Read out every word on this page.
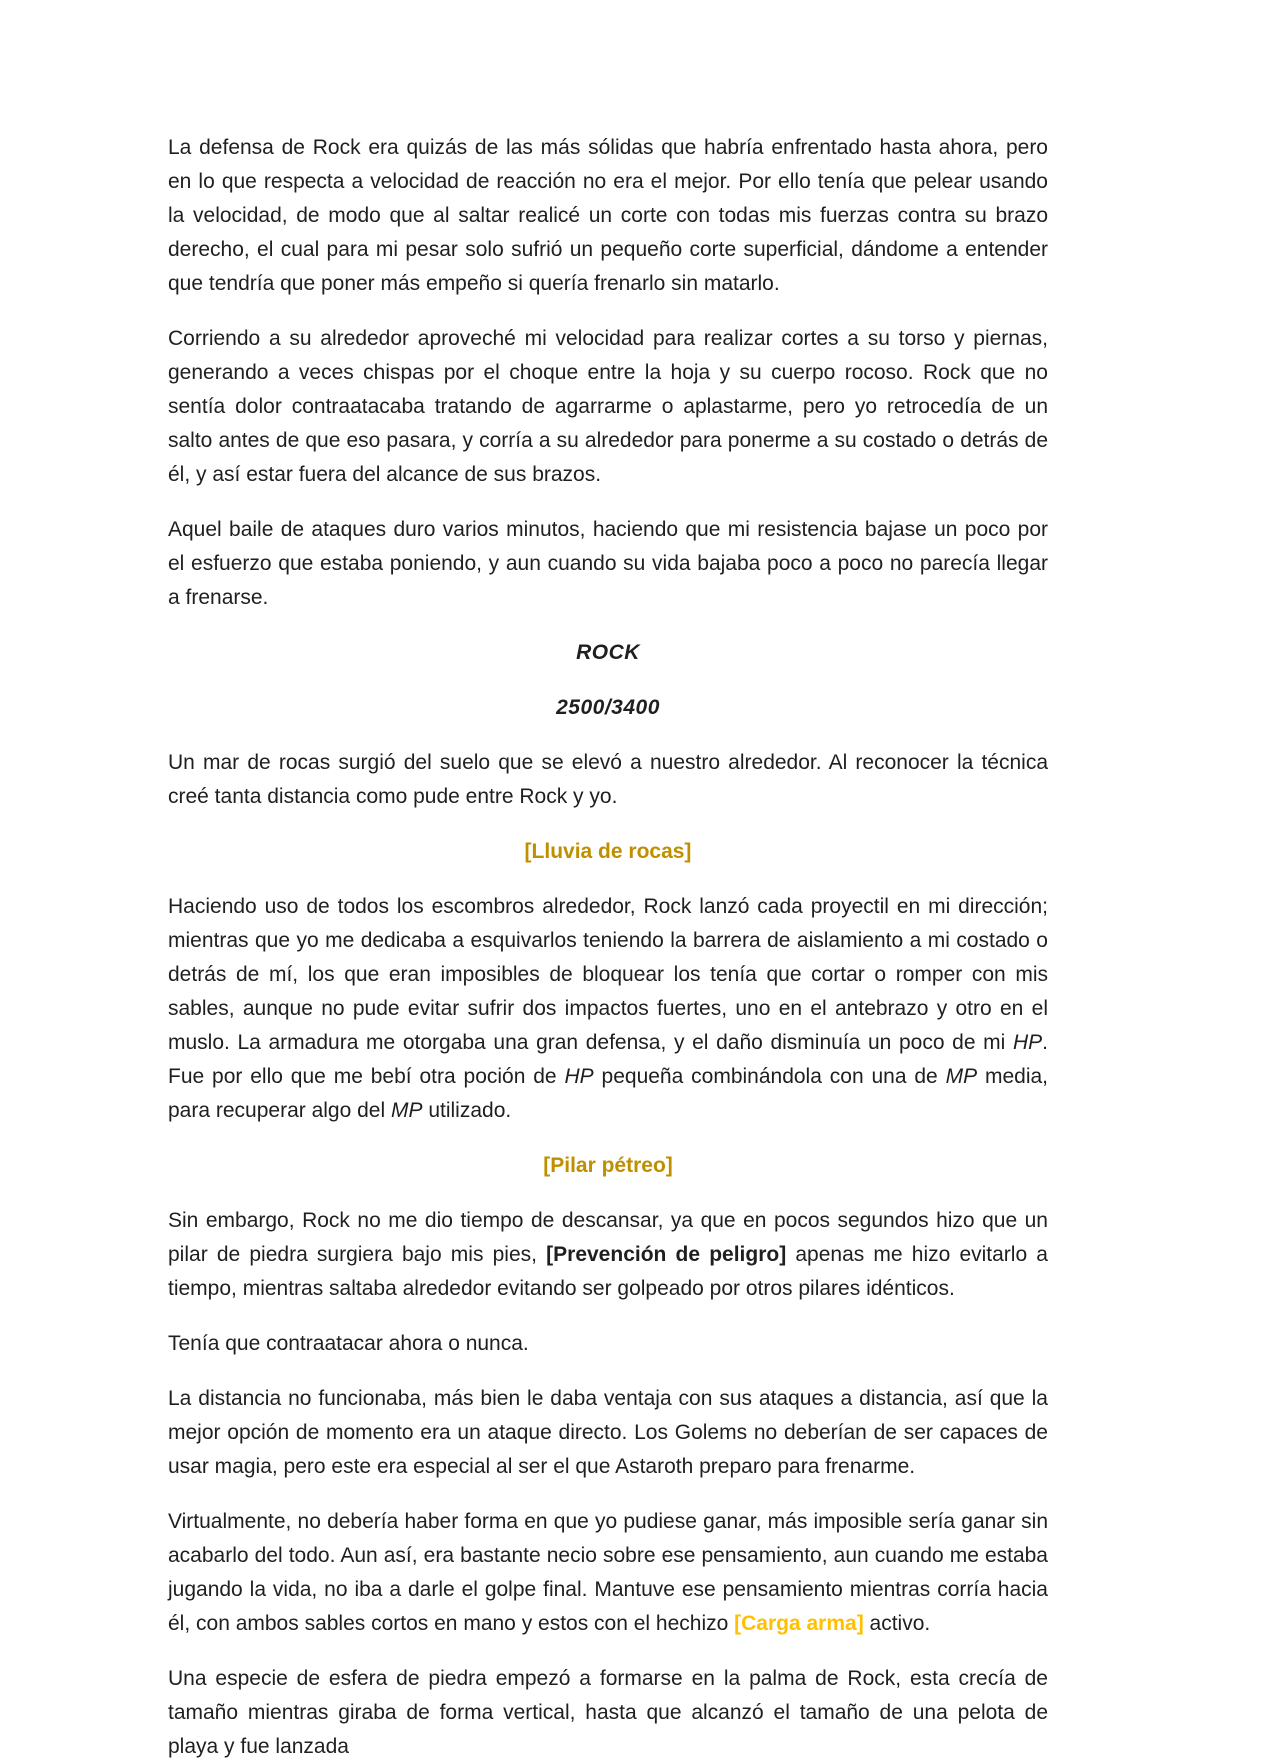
La defensa de Rock era quizás de las más sólidas que habría enfrentado hasta ahora, pero en lo que respecta a velocidad de reacción no era el mejor. Por ello tenía que pelear usando la velocidad, de modo que al saltar realicé un corte con todas mis fuerzas contra su brazo derecho, el cual para mi pesar solo sufrió un pequeño corte superficial, dándome a entender que tendría que poner más empeño si quería frenarlo sin matarlo.

Corriendo a su alrededor aproveché mi velocidad para realizar cortes a su torso y piernas, generando a veces chispas por el choque entre la hoja y su cuerpo rocoso. Rock que no sentía dolor contraatacaba tratando de agarrarme o aplastarme, pero yo retrocedía de un salto antes de que eso pasara, y corría a su alrededor para ponerme a su costado o detrás de él, y así estar fuera del alcance de sus brazos.

Aquel baile de ataques duro varios minutos, haciendo que mi resistencia bajase un poco por el esfuerzo que estaba poniendo, y aun cuando su vida bajaba poco a poco no parecía llegar a frenarse.

ROCK

2500/3400

Un mar de rocas surgió del suelo que se elevó a nuestro alrededor. Al reconocer la técnica creé tanta distancia como pude entre Rock y yo.

[Lluvia de rocas]

Haciendo uso de todos los escombros alrededor, Rock lanzó cada proyectil en mi dirección; mientras que yo me dedicaba a esquivarlos teniendo la barrera de aislamiento a mi costado o detrás de mí, los que eran imposibles de bloquear los tenía que cortar o romper con mis sables, aunque no pude evitar sufrir dos impactos fuertes, uno en el antebrazo y otro en el muslo. La armadura me otorgaba una gran defensa, y el daño disminuía un poco de mi HP. Fue por ello que me bebí otra poción de HP pequeña combinándola con una de MP media, para recuperar algo del MP utilizado.

[Pilar pétreo]

Sin embargo, Rock no me dio tiempo de descansar, ya que en pocos segundos hizo que un pilar de piedra surgiera bajo mis pies, [Prevención de peligro] apenas me hizo evitarlo a tiempo, mientras saltaba alrededor evitando ser golpeado por otros pilares idénticos.

Tenía que contraatacar ahora o nunca.

La distancia no funcionaba, más bien le daba ventaja con sus ataques a distancia, así que la mejor opción de momento era un ataque directo. Los Golems no deberían de ser capaces de usar magia, pero este era especial al ser el que Astaroth preparo para frenarme.

Virtualmente, no debería haber forma en que yo pudiese ganar, más imposible sería ganar sin acabarlo del todo. Aun así, era bastante necio sobre ese pensamiento, aun cuando me estaba jugando la vida, no iba a darle el golpe final. Mantuve ese pensamiento mientras corría hacia él, con ambos sables cortos en mano y estos con el hechizo [Carga arma] activo.

Una especie de esfera de piedra empezó a formarse en la palma de Rock, esta crecía de tamaño mientras giraba de forma vertical, hasta que alcanzó el tamaño de una pelota de playa y fue lanzada
